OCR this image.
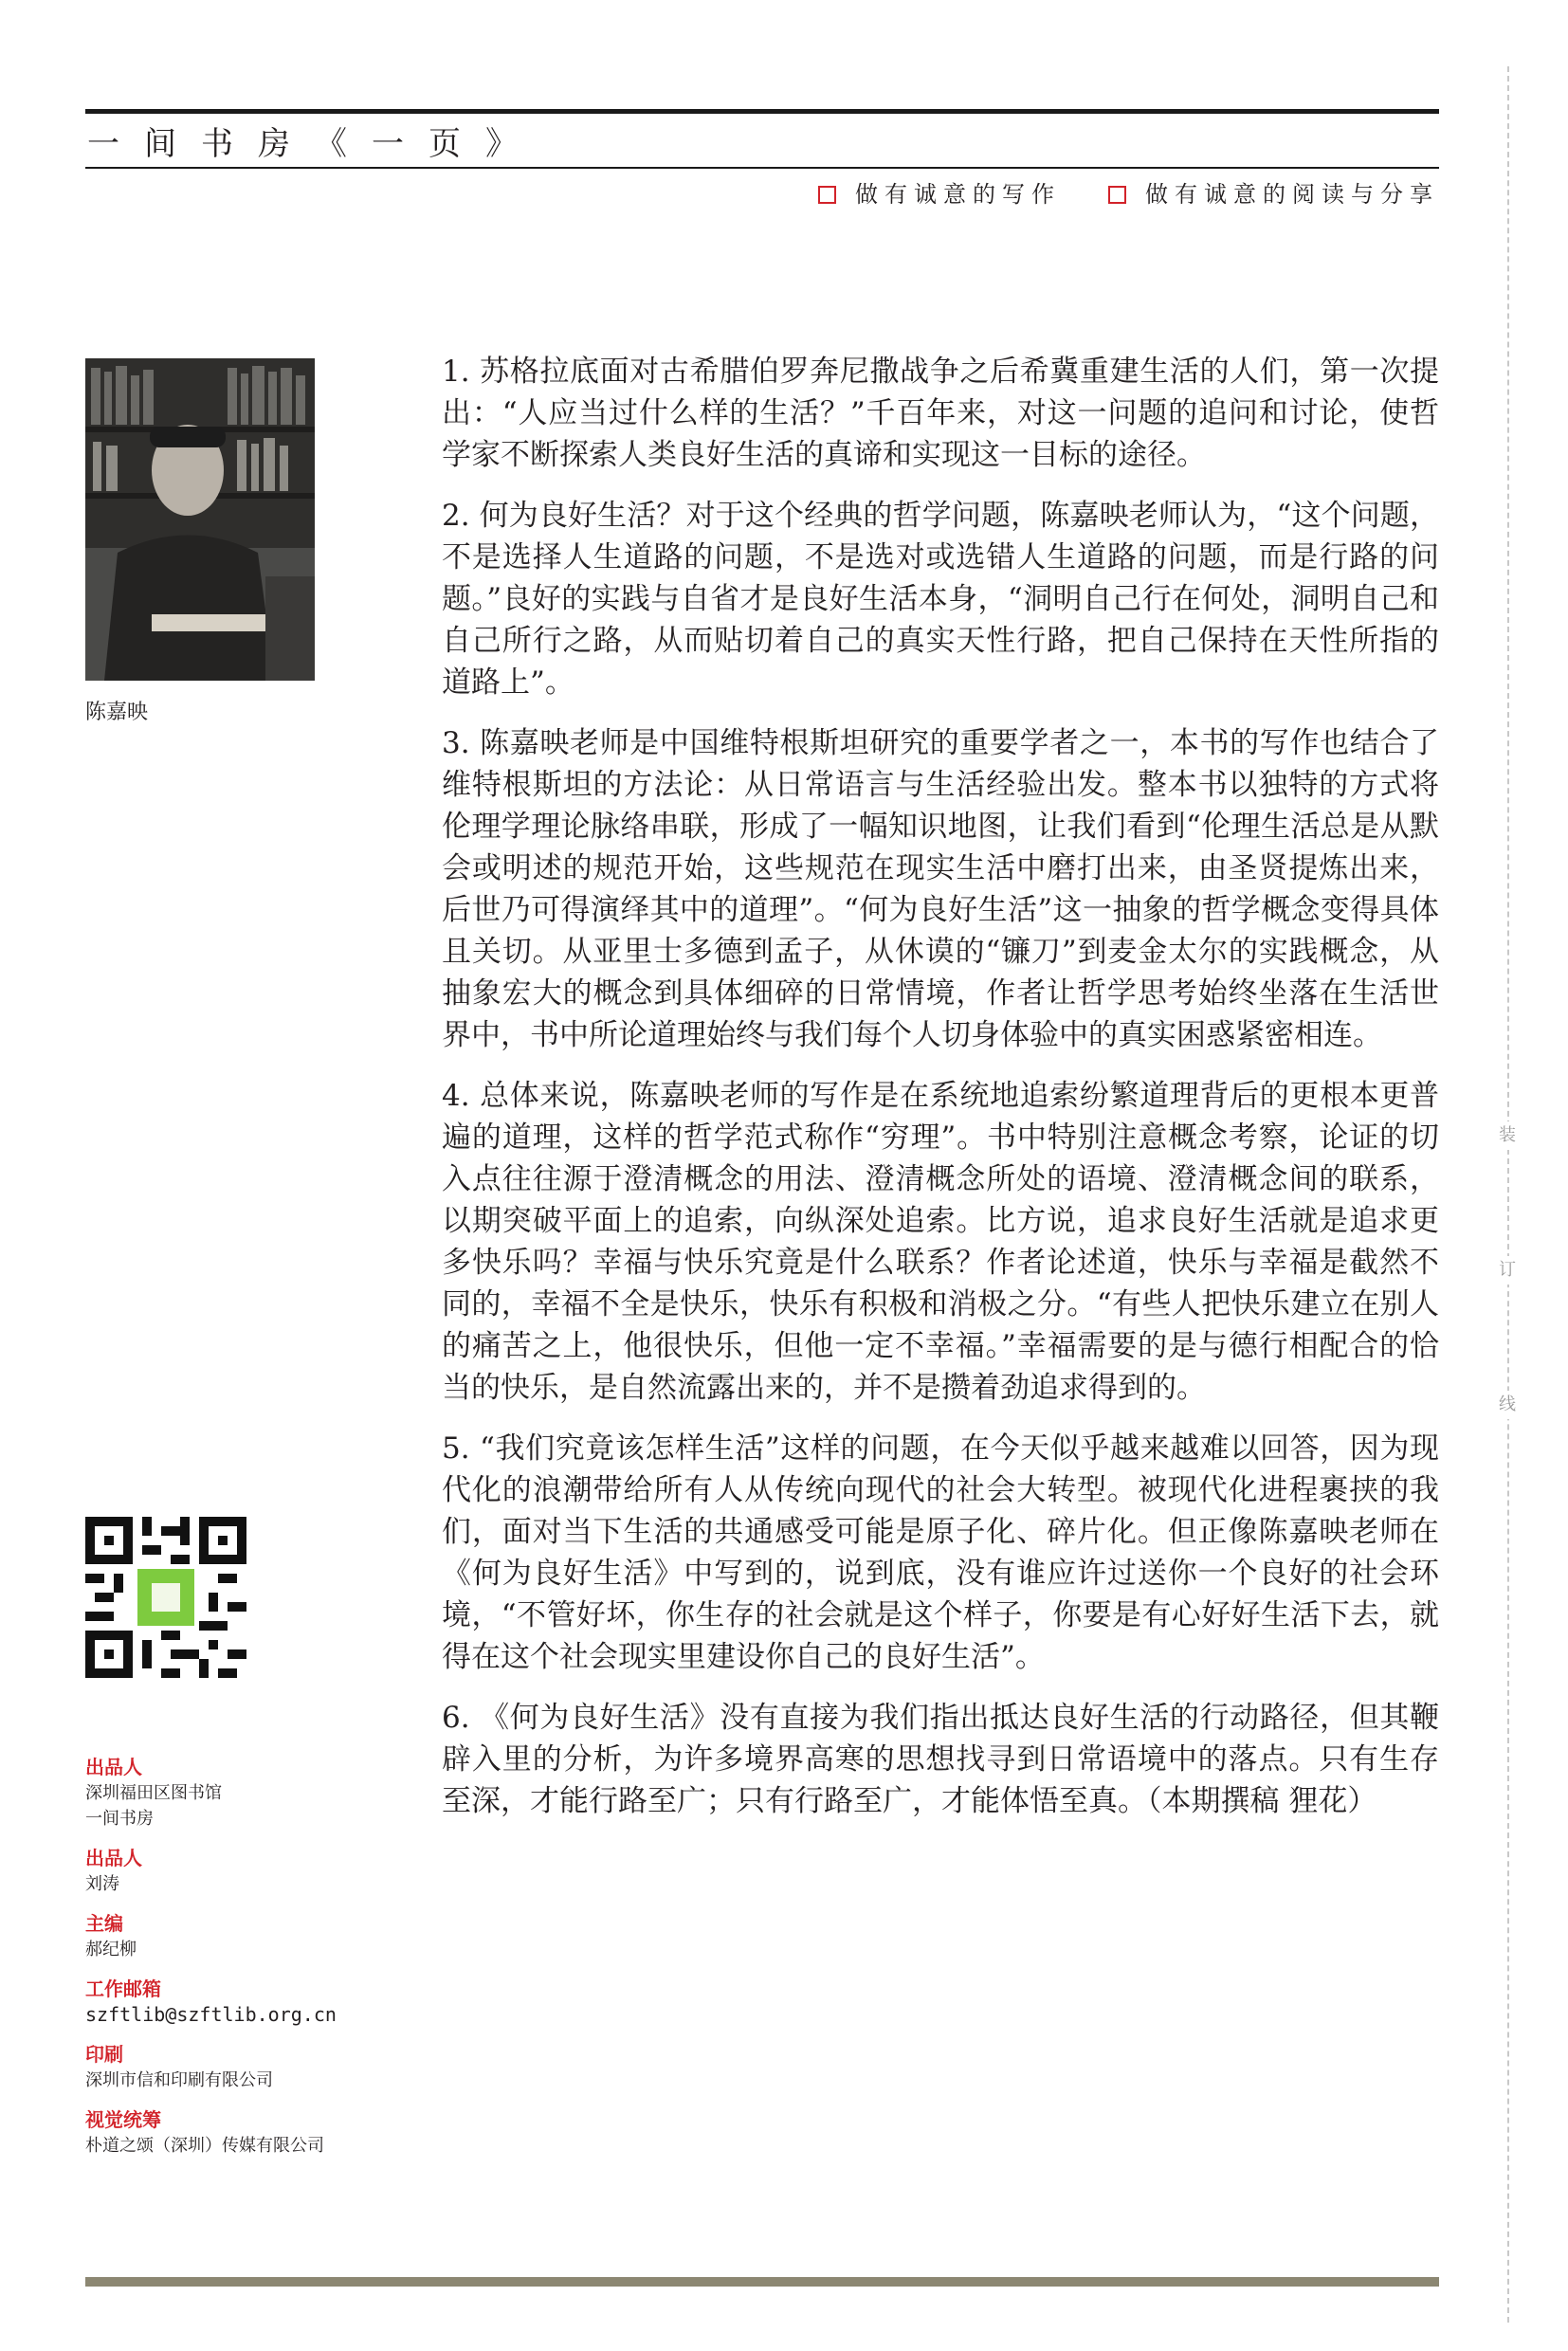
一间书房《一页》
做有诚意的写作	做有诚意的阅读与分享
装
订
线
陈嘉映
出品人
深圳福田区图书馆
一间书房
出品人
刘涛
主编
郝纪柳
工作邮箱
szftlib@szftlib.org.cn
印刷
深圳市信和印刷有限公司
视觉统筹
朴道之颂（深圳）传媒有限公司

1. 苏格拉底面对古希腊伯罗奔尼撒战争之后希冀重建生活的人们，第一次提出：“人应当过什么样的生活？”千百年来，对这一问题的追问和讨论，使哲学家不断探索人类良好生活的真谛和实现这一目标的途径。

2. 何为良好生活？对于这个经典的哲学问题，陈嘉映老师认为，“这个问题，不是选择人生道路的问题，不是选对或选错人生道路的问题，而是行路的问题。”良好的实践与自省才是良好生活本身，“洞明自己行在何处，洞明自己和自己所行之路，从而贴切着自己的真实天性行路，把自己保持在天性所指的道路上”。

3. 陈嘉映老师是中国维特根斯坦研究的重要学者之一，本书的写作也结合了维特根斯坦的方法论：从日常语言与生活经验出发。整本书以独特的方式将伦理学理论脉络串联，形成了一幅知识地图，让我们看到“伦理生活总是从默会或明述的规范开始，这些规范在现实生活中磨打出来，由圣贤提炼出来，后世乃可得演绎其中的道理”。“何为良好生活”这一抽象的哲学概念变得具体且关切。从亚里士多德到孟子，从休谟的“镰刀”到麦金太尔的实践概念，从抽象宏大的概念到具体细碎的日常情境，作者让哲学思考始终坐落在生活世界中，书中所论道理始终与我们每个人切身体验中的真实困惑紧密相连。

4. 总体来说，陈嘉映老师的写作是在系统地追索纷繁道理背后的更根本更普遍的道理，这样的哲学范式称作“穷理”。书中特别注意概念考察，论证的切入点往往源于澄清概念的用法、澄清概念所处的语境、澄清概念间的联系，以期突破平面上的追索，向纵深处追索。比方说，追求良好生活就是追求更多快乐吗？幸福与快乐究竟是什么联系？作者论述道，快乐与幸福是截然不同的，幸福不全是快乐，快乐有积极和消极之分。“有些人把快乐建立在别人的痛苦之上，他很快乐，但他一定不幸福。”幸福需要的是与德行相配合的恰当的快乐，是自然流露出来的，并不是攒着劲追求得到的。

5. “我们究竟该怎样生活”这样的问题，在今天似乎越来越难以回答，因为现代化的浪潮带给所有人从传统向现代的社会大转型。被现代化进程裹挟的我们，面对当下生活的共通感受可能是原子化、碎片化。但正像陈嘉映老师在《何为良好生活》中写到的，说到底，没有谁应许过送你一个良好的社会环境，“不管好坏，你生存的社会就是这个样子，你要是有心好好生活下去，就得在这个社会现实里建设你自己的良好生活”。

6. 《何为良好生活》没有直接为我们指出抵达良好生活的行动路径，但其鞭辟入里的分析，为许多境界高寒的思想找寻到日常语境中的落点。只有生存至深，才能行路至广；只有行路至广，才能体悟至真。（本期撰稿 狸花）
